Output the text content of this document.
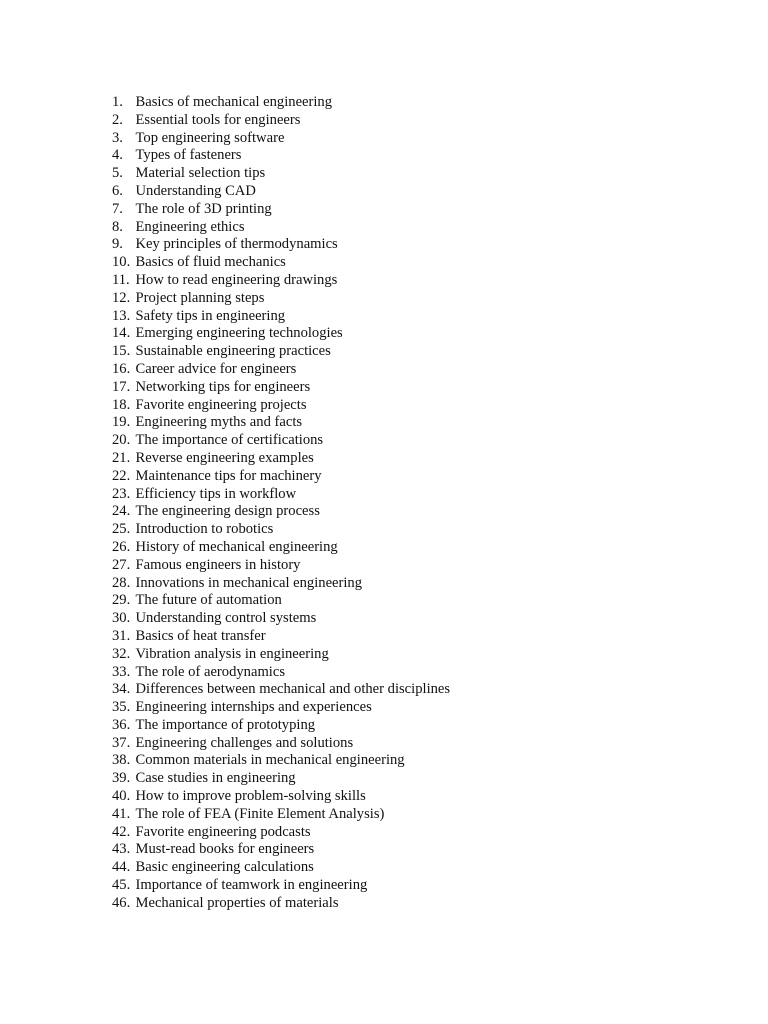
1. Basics of mechanical engineering
2. Essential tools for engineers
3. Top engineering software
4. Types of fasteners
5. Material selection tips
6. Understanding CAD
7. The role of 3D printing
8. Engineering ethics
9. Key principles of thermodynamics
10. Basics of fluid mechanics
11. How to read engineering drawings
12. Project planning steps
13. Safety tips in engineering
14. Emerging engineering technologies
15. Sustainable engineering practices
16. Career advice for engineers
17. Networking tips for engineers
18. Favorite engineering projects
19. Engineering myths and facts
20. The importance of certifications
21. Reverse engineering examples
22. Maintenance tips for machinery
23. Efficiency tips in workflow
24. The engineering design process
25. Introduction to robotics
26. History of mechanical engineering
27. Famous engineers in history
28. Innovations in mechanical engineering
29. The future of automation
30. Understanding control systems
31. Basics of heat transfer
32. Vibration analysis in engineering
33. The role of aerodynamics
34. Differences between mechanical and other disciplines
35. Engineering internships and experiences
36. The importance of prototyping
37. Engineering challenges and solutions
38. Common materials in mechanical engineering
39. Case studies in engineering
40. How to improve problem-solving skills
41. The role of FEA (Finite Element Analysis)
42. Favorite engineering podcasts
43. Must-read books for engineers
44. Basic engineering calculations
45. Importance of teamwork in engineering
46. Mechanical properties of materials
